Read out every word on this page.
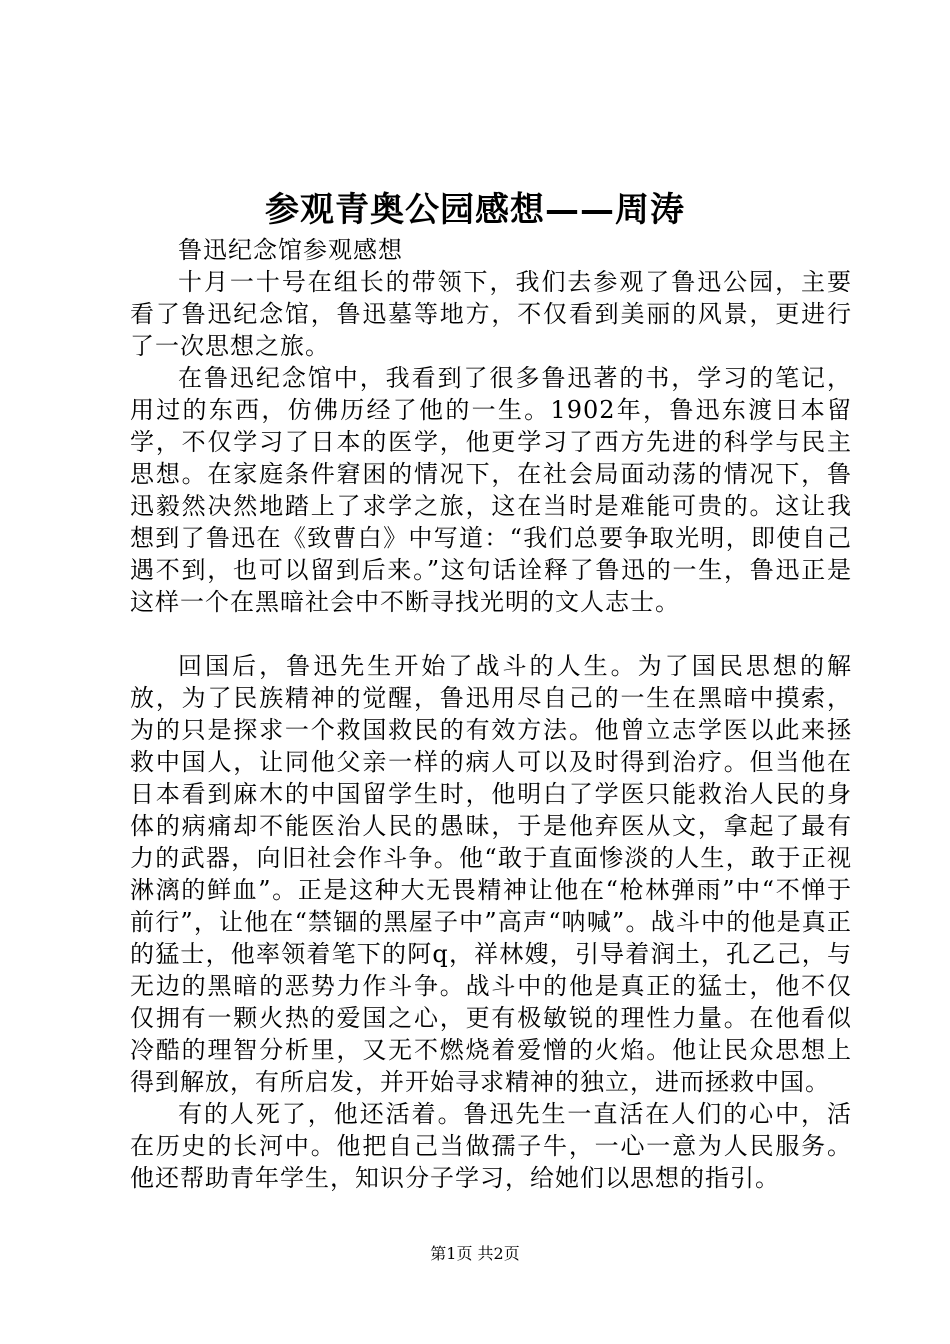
参观青奥公园感想——周涛

鲁迅纪念馆参观感想

十月一十号在组长的带领下，我们去参观了鲁迅公园，主要看了鲁迅纪念馆，鲁迅墓等地方，不仅看到美丽的风景，更进行了一次思想之旅。

在鲁迅纪念馆中，我看到了很多鲁迅著的书，学习的笔记，用过的东西，仿佛历经了他的一生。1902年，鲁迅东渡日本留学，不仅学习了日本的医学，他更学习了西方先进的科学与民主思想。在家庭条件窘困的情况下，在社会局面动荡的情况下，鲁迅毅然决然地踏上了求学之旅，这在当时是难能可贵的。这让我想到了鲁迅在《致曹白》中写道：“我们总要争取光明，即使自己遇不到，也可以留到后来。”这句话诠释了鲁迅的一生，鲁迅正是这样一个在黑暗社会中不断寻找光明的文人志士。

回国后，鲁迅先生开始了战斗的人生。为了国民思想的解放，为了民族精神的觉醒，鲁迅用尽自己的一生在黑暗中摸索，为的只是探求一个救国救民的有效方法。他曾立志学医以此来拯救中国人，让同他父亲一样的病人可以及时得到治疗。但当他在日本看到麻木的中国留学生时，他明白了学医只能救治人民的身体的病痛却不能医治人民的愚昧，于是他弃医从文，拿起了最有力的武器，向旧社会作斗争。他“敢于直面惨淡的人生，敢于正视淋漓的鲜血”。正是这种大无畏精神让他在“枪林弹雨”中“不惮于前行”，让他在“禁锢的黑屋子中”高声“呐喊”。战斗中的他是真正的猛士，他率领着笔下的阿q，祥林嫂，引导着润土，孔乙己，与无边的黑暗的恶势力作斗争。战斗中的他是真正的猛士，他不仅仅拥有一颗火热的爱国之心，更有极敏锐的理性力量。在他看似冷酷的理智分析里，又无不燃烧着爱憎的火焰。他让民众思想上得到解放，有所启发，并开始寻求精神的独立，进而拯救中国。

有的人死了，他还活着。鲁迅先生一直活在人们的心中，活在历史的长河中。他把自己当做孺子牛，一心一意为人民服务。他还帮助青年学生，知识分子学习，给她们以思想的指引。

第1页 共2页
